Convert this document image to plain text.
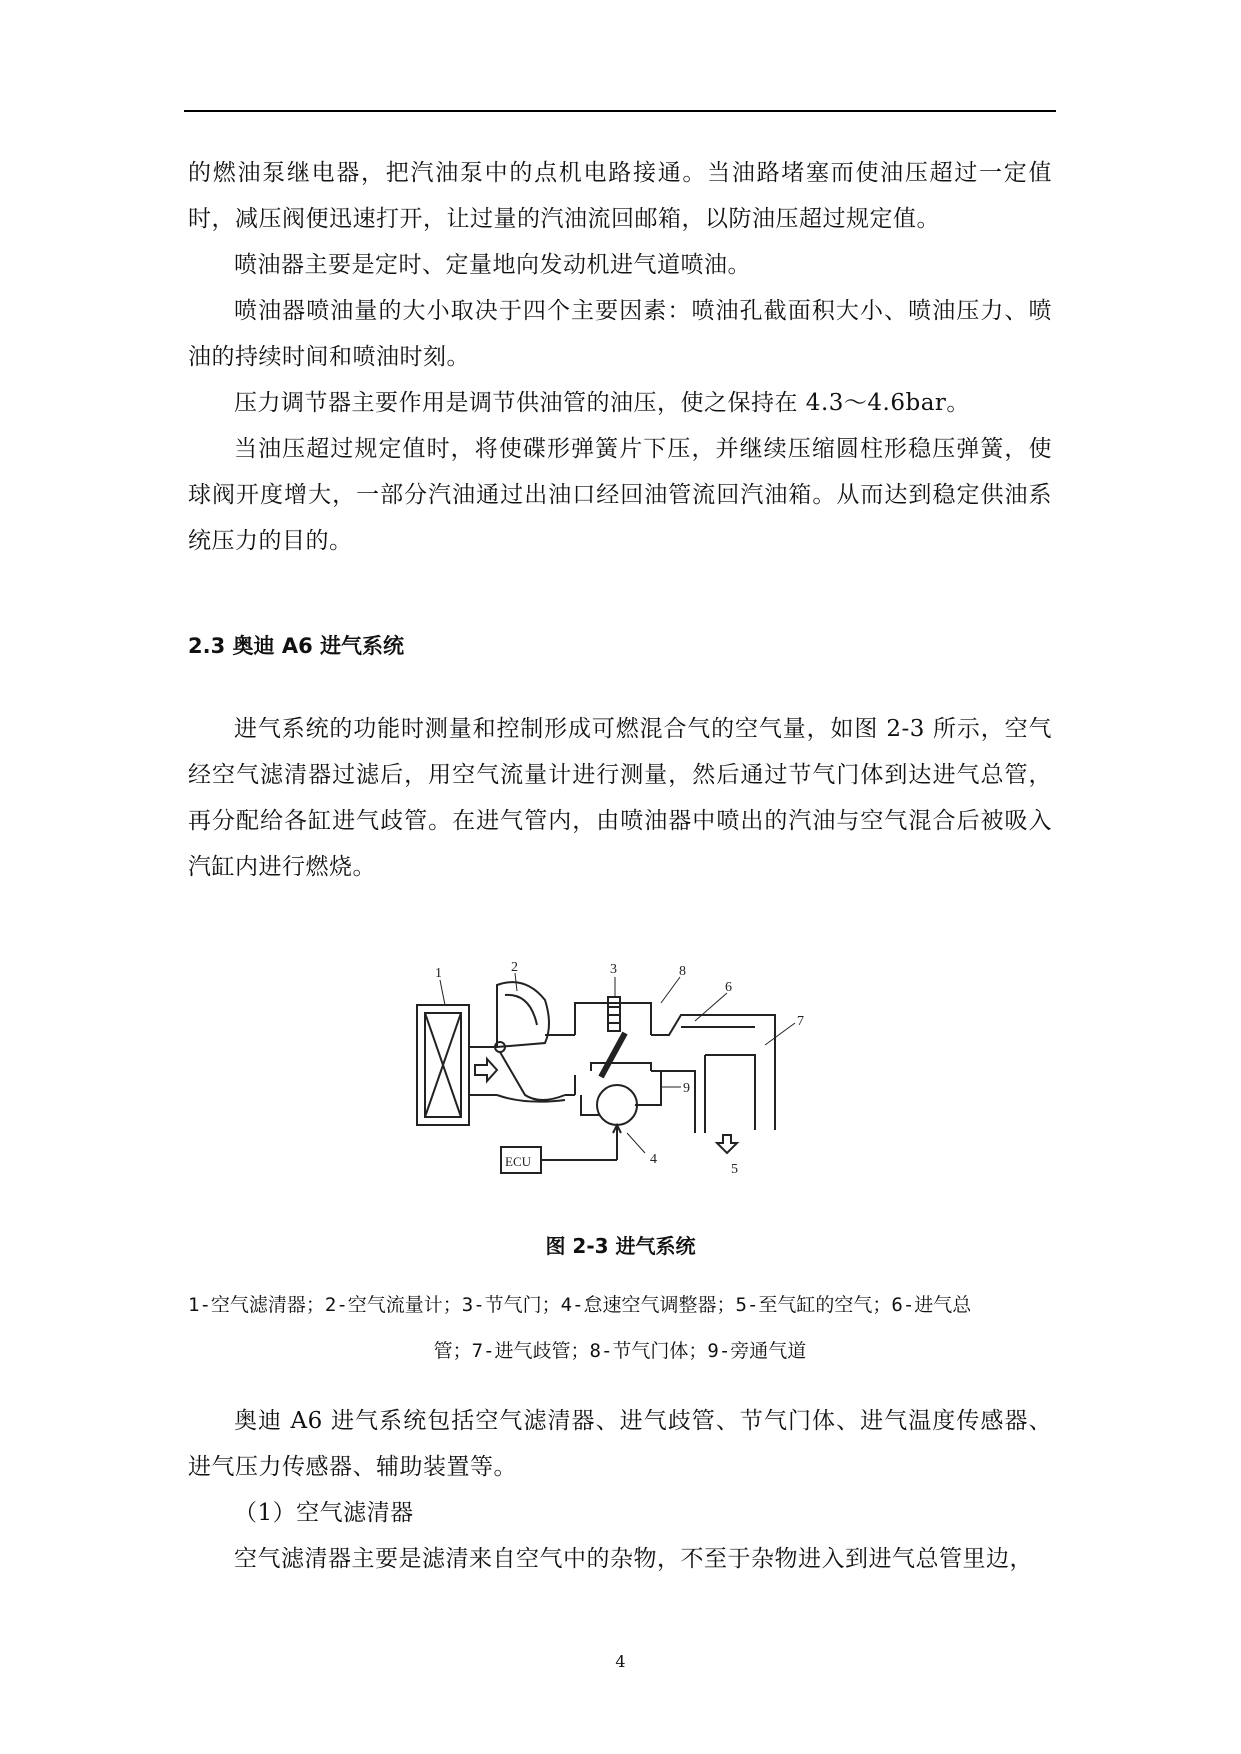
的燃油泵继电器，把汽油泵中的点机电路接通。当油路堵塞而使油压超过一定值时，减压阀便迅速打开，让过量的汽油流回邮箱，以防油压超过规定值。

喷油器主要是定时、定量地向发动机进气道喷油。

喷油器喷油量的大小取决于四个主要因素：喷油孔截面积大小、喷油压力、喷油的持续时间和喷油时刻。

压力调节器主要作用是调节供油管的油压，使之保持在 4.3～4.6bar。

当油压超过规定值时，将使碟形弹簧片下压，并继续压缩圆柱形稳压弹簧，使球阀开度增大，一部分汽油通过出油口经回油管流回汽油箱。从而达到稳定供油系统压力的目的。

2.3 奥迪 A6 进气系统

进气系统的功能时测量和控制形成可燃混合气的空气量，如图 2-3 所示，空气经空气滤清器过滤后，用空气流量计进行测量，然后通过节气门体到达进气总管，再分配给各缸进气歧管。在进气管内，由喷油器中喷出的汽油与空气混合后被吸入汽缸内进行燃烧。

1	2	3
4
5
6
7
8
9
ECU
图 2-3 进气系统
1-空气滤清器；2-空气流量计；3-节气门；4-怠速空气调整器；5-至气缸的空气；6-进气总
管；7-进气歧管；8-节气门体；9-旁通气道

奥迪 A6 进气系统包括空气滤清器、进气歧管、节气门体、进气温度传感器、进气压力传感器、辅助装置等。

（1）空气滤清器

空气滤清器主要是滤清来自空气中的杂物，不至于杂物进入到进气总管里边，

4
